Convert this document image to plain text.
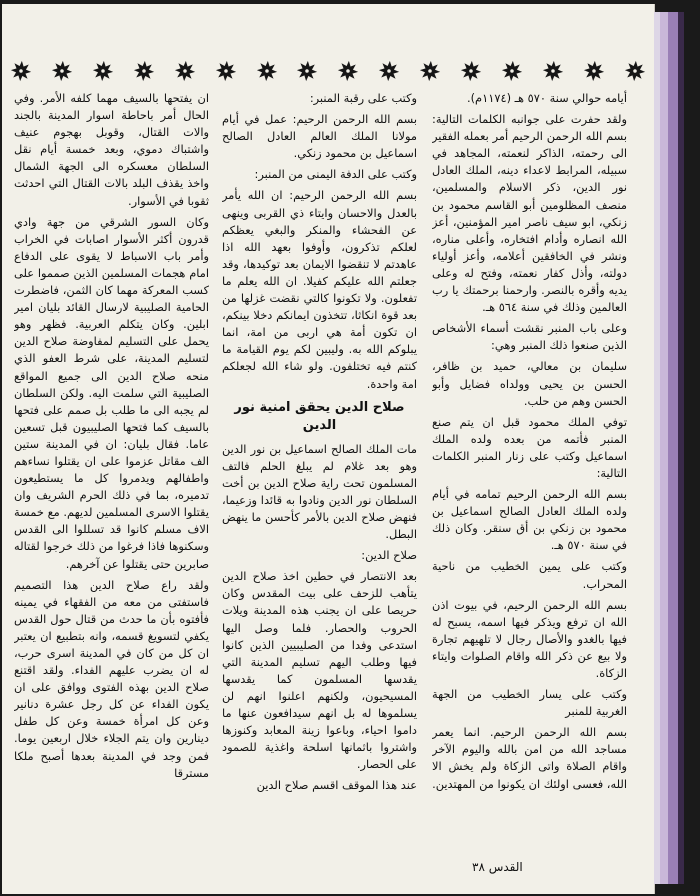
أيامه حوالي سنة ٥٧٠ هـ (١١٧٤م).

ولقد حفرت على جوانبه الكلمات التالية: بسم الله الرحمن الرحيم أمر بعمله الفقير الى رحمته، الذاكر لنعمته، المجاهد في سبيله، المرابط لاعداء دينه، الملك العادل نور الدين، ذكر الاسلام والمسلمين، منصف المظلومين أبو القاسم محمود بن زنكي، ابو سيف ناصر امير المؤمنين، أعز الله انصاره وأدام افتخاره، وأعلى مناره، ونشر في الخافقين أعلامه، وأعز أولياء دولته، وأذل كفار نعمته، وفتح له وعلى يديه وأقره بالنصر. وارحمنا برحمتك يا رب العالمين وذلك في سنة ٥٦٤ هـ.

وعلى باب المنبر نقشت أسماء الأشخاص الذين صنعوا ذلك المنبر وهي:

سليمان بن معالي، حميد بن ظافر، الحسن بن يحيى وولداه فضايل وأبو الحسن وهم من حلب.

توفي الملك محمود قبل ان يتم صنع المنبر فأتمه من بعده ولده الملك اسماعيل وكتب على زنار المنبر الكلمات التالية:

بسم الله الرحمن الرحيم تمامه في أيام ولده الملك العادل الصالح اسماعيل بن محمود بن زنكي بن أق سنقر. وكان ذلك في سنة ٥٧٠ هـ.

وكتب على يمين الخطيب من ناحية المحراب.

بسم الله الرحمن الرحيم، في بيوت اذن الله ان ترفع ويذكر فيها اسمه، يسبح له فيها بالغدو والأصال رجال لا تلهيهم تجارة ولا بيع عن ذكر الله واقام الصلوات وايتاء الزكاة.

وكتب على يسار الخطيب من الجهة الغربية للمنبر

بسم الله الرحمن الرحيم. انما يعمر مساجد الله من امن بالله واليوم الآخر واقام الصلاة واتى الزكاة ولم يخش الا الله، فعسى اولئك ان يكونوا من المهتدين.

وكتب على رقبة المنبر:

بسم الله الرحمن الرحيم: عمل في أيام مولانا الملك العالم العادل الصالح اسماعيل بن محمود زنكي.

وكتب على الدفة اليمنى من المنبر:

بسم الله الرحمن الرحيم: ان الله يأمر بالعدل والاحسان وايتاء ذي القربى وينهى عن الفحشاء والمنكر والبغي يعظكم لعلكم تذكرون، وأوفوا بعهد الله اذا عاهدتم لا تنقضوا الايمان بعد توكيدها، وقد جعلتم الله عليكم كفيلا. ان الله يعلم ما تفعلون. ولا تكونوا كالتي نقضت غزلها من بعد قوة انكاثا، تتخذون ايمانكم دخلا بينكم، ان تكون أمة هي اربى من امة، انما يبلوكم الله به. وليبين لكم يوم القيامة ما كنتم فيه تختلفون. ولو شاء الله لجعلكم امة واحدة.

صلاح الدين يحقق امنية نور الدين

مات الملك الصالح اسماعيل بن نور الدين وهو بعد غلام لم يبلغ الحلم فالتف المسلمون تحت راية صلاح الدين بن أخت السلطان نور الدين ونادوا به قائدا وزعيما، فنهض صلاح الدين بالأمر كأحسن ما ينهض البطل.

صلاح الدين:

بعد الانتصار في حطين اخذ صلاح الدين يتأهب للزحف على بيت المقدس وكان حريصا على ان يجنب هذه المدينة ويلات الحروب والحصار. فلما وصل اليها استدعى وفدا من الصليبيين الذين كانوا فيها وطلب اليهم تسليم المدينة التي يقدسها المسلمون كما يقدسها المسيحيون، ولكنهم اعلنوا انهم لن يسلموها له بل انهم سيدافعون عنها ما داموا احياء، وباعوا زينة المعابد وكنوزها واشتروا باثمانها اسلحة واغذية للصمود على الحصار.

عند هذا الموقف اقسم صلاح الدين

ان يفتحها بالسيف مهما كلفه الأمر. وفي الحال أمر باحاطة اسوار المدينة بالجند والات القتال، وقوبل بهجوم عنيف واشتباك دموي، وبعد خمسة أيام نقل السلطان معسكره الى الجهة الشمال واخذ يقذف البلد بالات القتال التي احدثت ثقوبا في الأسوار.

وكان السور الشرقي من جهة وادي قدرون أكثر الأسوار اصابات في الخراب وأمر باب الاسباط لا يقوى على الدفاع امام هجمات المسلمين الذين صمموا على كسب المعركة مهما كان الثمن، فاضطرت الحامية الصليبية لارسال القائد بليان امير ابلين. وكان يتكلم العربية. فظهر وهو يحمل على التسليم لمفاوضة صلاح الدين لتسليم المدينة، على شرط العفو الذي منحه صلاح الدين الى جميع المواقع الصليبية التي سلمت اليه. ولكن السلطان لم يجبه الى ما طلب بل صمم على فتحها بالسيف كما فتحها الصليبيون قبل تسعين عاما. فقال بليان: ان في المدينة ستين الف مقاتل عزموا على ان يقتلوا نساءهم واطفالهم ويدمروا كل ما يستطيعون تدميره، بما في ذلك الحرم الشريف وان يقتلوا الاسرى المسلمين لديهم. مع خمسة الاف مسلم كانوا قد تسللوا الى القدس وسكنوها فاذا فرغوا من ذلك خرجوا لقتاله صابرين حتى يقتلوا عن آخرهم.

ولقد راع صلاح الدين هذا التصميم فاستفتى من معه من الفقهاء في يمينه فأفتوه بأن ما حدث من قتال حول القدس يكفي لتسويغ قسمه، وانه بتطبيع ان يعتبر ان كل من كان في المدينة اسرى حرب، له ان يضرب عليهم الفداء. ولقد اقتنع صلاح الدين بهذه الفتوى ووافق على ان يكون الفداء عن كل رجل عشرة دنانير وعن كل امرأة خمسة وعن كل طفل دينارين وان يتم الجلاء خلال اربعين يوما. فمن وجد في المدينة بعدها أصبح ملكا مسترقا

القدس ٣٨
